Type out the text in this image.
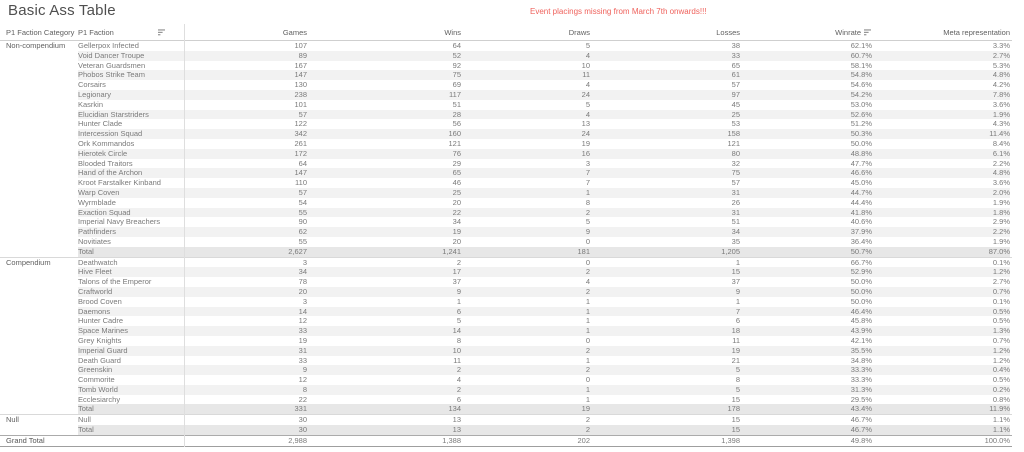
Basic Ass Table	Event placings missing from March 7th onwards!!!
P1 Faction Category P1 Faction	Games	Wins	Draws	Losses	Winrate	Meta representation
Non-compendium	Gellerpox Infected	107	64	5	38	62.1%	3.3%
Void Dancer Troupe	89	52	4	33	60.7%	2.7%
Veteran Guardsmen	167	92	10	65	58.1%	5.3%
Phobos Strike Team	147	75	11	61	54.8%	4.8%
Corsairs	130	69	4	57	54.6%	4.2%
Legionary	238	117	24	97	54.2%	7.8%
Kasrkin	101	51	5	45	53.0%	3.6%
Elucidian Starstriders	57	28	4	25	52.6%	1.9%
Hunter Clade	122	56	13	53	51.2%	4.3%
Intercession Squad	342	160	24	158	50.3%	11.4%
Ork Kommandos	261	121	19	121	50.0%	8.4%
Hierotek Circle	172	76	16	80	48.8%	6.1%
Blooded Traitors	64	29	3	32	47.7%	2.2%
Hand of the Archon	147	65	7	75	46.6%	4.8%
Kroot Farstalker Kinband	110	46	7	57	45.0%	3.6%
Warp Coven	57	25	1	31	44.7%	2.0%
Wyrmblade	54	20	8	26	44.4%	1.9%
Exaction Squad	55	22	2	31	41.8%	1.8%
Imperial Navy Breachers	90	34	5	51	40.6%	2.9%
Pathfinders	62	19	9	34	37.9%	2.2%
Novitiates	55	20	0	35	36.4%	1.9%
Total	2,627	1,241	181	1,205	50.7%	87.0%
Compendium	Deathwatch	3	2	0	1	66.7%	0.1%
Hive Fleet	34	17	2	15	52.9%	1.2%
Talons of the Emperor	78	37	4	37	50.0%	2.7%
Craftworld	20	9	2	9	50.0%	0.7%
Brood Coven	3	1	1	1	50.0%	0.1%
Daemons	14	6	1	7	46.4%	0.5%
Hunter Cadre	12	5	1	6	45.8%	0.5%
Space Marines	33	14	1	18	43.9%	1.3%
Grey Knights	19	8	0	11	42.1%	0.7%
Imperial Guard	31	10	2	19	35.5%	1.2%
Death Guard	33	11	1	21	34.8%	1.2%
Greenskin	9	2	2	5	33.3%	0.4%
Commorite	12	4	0	8	33.3%	0.5%
Tomb World	8	2	1	5	31.3%	0.2%
Ecclesiarchy	22	6	1	15	29.5%	0.8%
Total	331	134	19	178	43.4%	11.9%
Null	Null	30	13	2	15	46.7%	1.1%
Total	30	13	2	15	46.7%	1.1%
Grand Total	2,988	1,388	202	1,398	49.8%	100.0%
